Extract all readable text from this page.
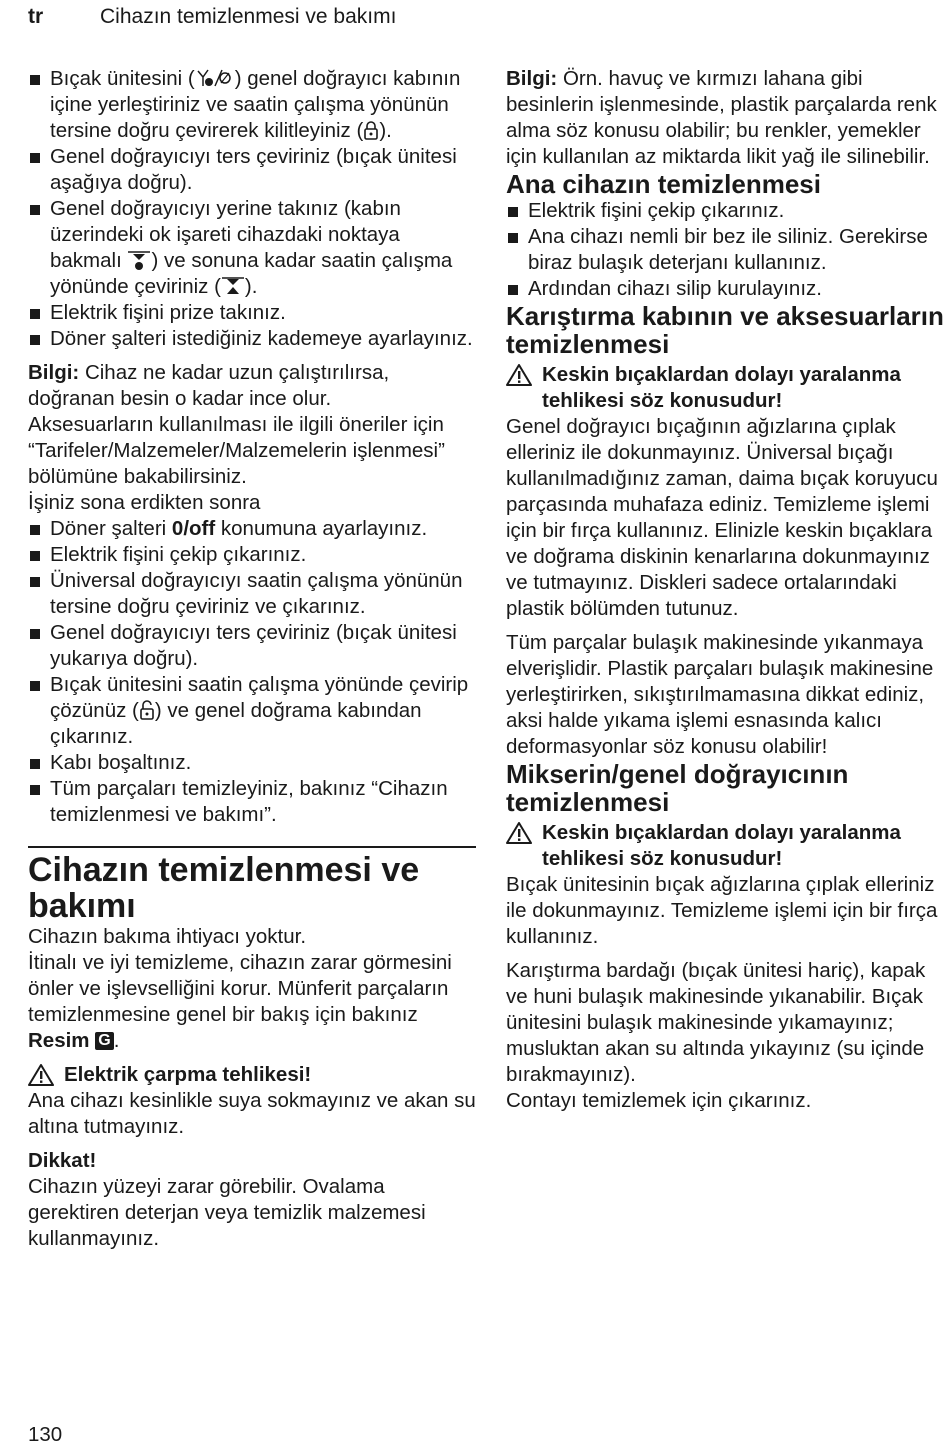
tr	Cihazın temizlenmesi ve bakımı
Bıçak ünitesini ( ) genel doğrayıcı kabının içine yerleştiriniz ve saatin çalışma yönünün tersine doğru çevirerek kilitleyiniz ( ).
Genel doğrayıcıyı ters çeviriniz (bıçak ünitesi aşağıya doğru).
Genel doğrayıcıyı yerine takınız (kabın üzerindeki ok işareti cihazdaki noktaya bakmalı ) ve sonuna kadar saatin çalışma yönünde çeviriniz ( ).
Elektrik fişini prize takınız.
Döner şalteri istediğiniz kademeye ayarlayınız.

Bilgi: Cihaz ne kadar uzun çalıştırılırsa, doğranan besin o kadar ince olur.

Aksesuarların kullanılması ile ilgili öneriler için “Tarifeler/Malzemeler/Malzemelerin işlenmesi” bölümüne bakabilirsiniz.

İşiniz sona erdikten sonra

Döner şalteri 0/off konumuna ayarlayınız.
Elektrik fişini çekip çıkarınız.
Üniversal doğrayıcıyı saatin çalışma yönünün tersine doğru çeviriniz ve çıkarınız.
Genel doğrayıcıyı ters çeviriniz (bıçak ünitesi yukarıya doğru).
Bıçak ünitesini saatin çalışma yönünde çevirip çözünüz ( ) ve genel doğrama kabından çıkarınız.
Kabı boşaltınız.
Tüm parçaları temizleyiniz, bakınız “Cihazın temizlenmesi ve bakımı”.
Cihazın temizlenmesi ve bakımı

Cihazın bakıma ihtiyacı yoktur.

İtinalı ve iyi temizleme, cihazın zarar görmesini önler ve işlevselliğini korur. Münferit parçaların temizlenmesine genel bir bakış için bakınız Resim G .

Elektrik çarpma tehlikesi!

Ana cihazı kesinlikle suya sokmayınız ve akan su altına tutmayınız.

Dikkat!

Cihazın yüzeyi zarar görebilir. Ovalama gerektiren deterjan veya temizlik malzemesi kullanmayınız.

Bilgi: Örn. havuç ve kırmızı lahana gibi besinlerin işlenmesinde, plastik parçalarda renk alma söz konusu olabilir; bu renkler, yemekler için kullanılan az miktarda likit yağ ile silinebilir.

Ana cihazın temizlenmesi
Elektrik fişini çekip çıkarınız.
Ana cihazı nemli bir bez ile siliniz. Gerekirse biraz bulaşık deterjanı kullanınız.
Ardından cihazı silip kurulayınız.
Karıştırma kabının ve aksesuarların temizlenmesi

Keskin bıçaklardan dolayı yaralanma tehlikesi söz konusudur!

Genel doğrayıcı bıçağının ağızlarına çıplak elleriniz ile dokunmayınız. Üniversal bıçağı kullanılmadığınız zaman, daima bıçak koruyucu parçasında muhafaza ediniz. Temizleme işlemi için bir fırça kullanınız. Elinizle keskin bıçaklara ve doğrama diskinin kenarlarına dokunmayınız ve tutmayınız. Diskleri sadece ortalarındaki plastik bölümden tutunuz.

Tüm parçalar bulaşık makinesinde yıkanmaya elverişlidir. Plastik parçaları bulaşık makinesine yerleştirirken, sıkıştırılmamasına dikkat ediniz, aksi halde yıkama işlemi esnasında kalıcı deformasyonlar söz konusu olabilir!

Mikserin/genel doğrayıcının temizlenmesi

Keskin bıçaklardan dolayı yaralanma tehlikesi söz konusudur!

Bıçak ünitesinin bıçak ağızlarına çıplak elleriniz ile dokunmayınız. Temizleme işlemi için bir fırça kullanınız.

Karıştırma bardağı (bıçak ünitesi hariç), kapak ve huni bulaşık makinesinde yıkanabilir. Bıçak ünitesini bulaşık makinesinde yıkamayınız; musluktan akan su altında yıkayınız (su içinde bırakmayınız).

Contayı temizlemek için çıkarınız.

130
